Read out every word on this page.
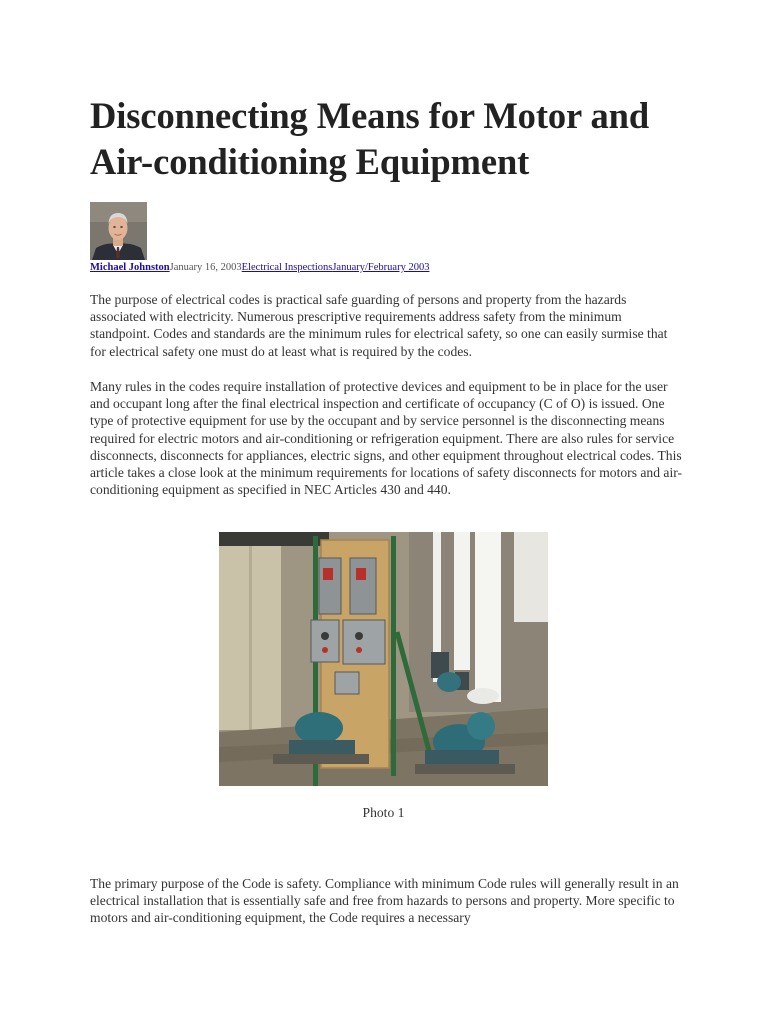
Disconnecting Means for Motor and Air-conditioning Equipment
Michael JohnstonJanuary 16, 2003Electrical InspectionsJanuary/February 2003

The purpose of electrical codes is practical safe guarding of persons and property from the hazards associated with electricity. Numerous prescriptive requirements address safety from the minimum standpoint. Codes and standards are the minimum rules for electrical safety, so one can easily surmise that for electrical safety one must do at least what is required by the codes.

Many rules in the codes require installation of protective devices and equipment to be in place for the user and occupant long after the final electrical inspection and certificate of occupancy (C of O) is issued. One type of protective equipment for use by the occupant and by service personnel is the disconnecting means required for electric motors and air-conditioning or refrigeration equipment. There are also rules for service disconnects, disconnects for appliances, electric signs, and other equipment throughout electrical codes. This article takes a close look at the minimum requirements for locations of safety disconnects for motors and air-conditioning equipment as specified in NEC Articles 430 and 440.

Photo 1

The primary purpose of the Code is safety. Compliance with minimum Code rules will generally result in an electrical installation that is essentially safe and free from hazards to persons and property. More specific to motors and air-conditioning equipment, the Code requires a necessary
